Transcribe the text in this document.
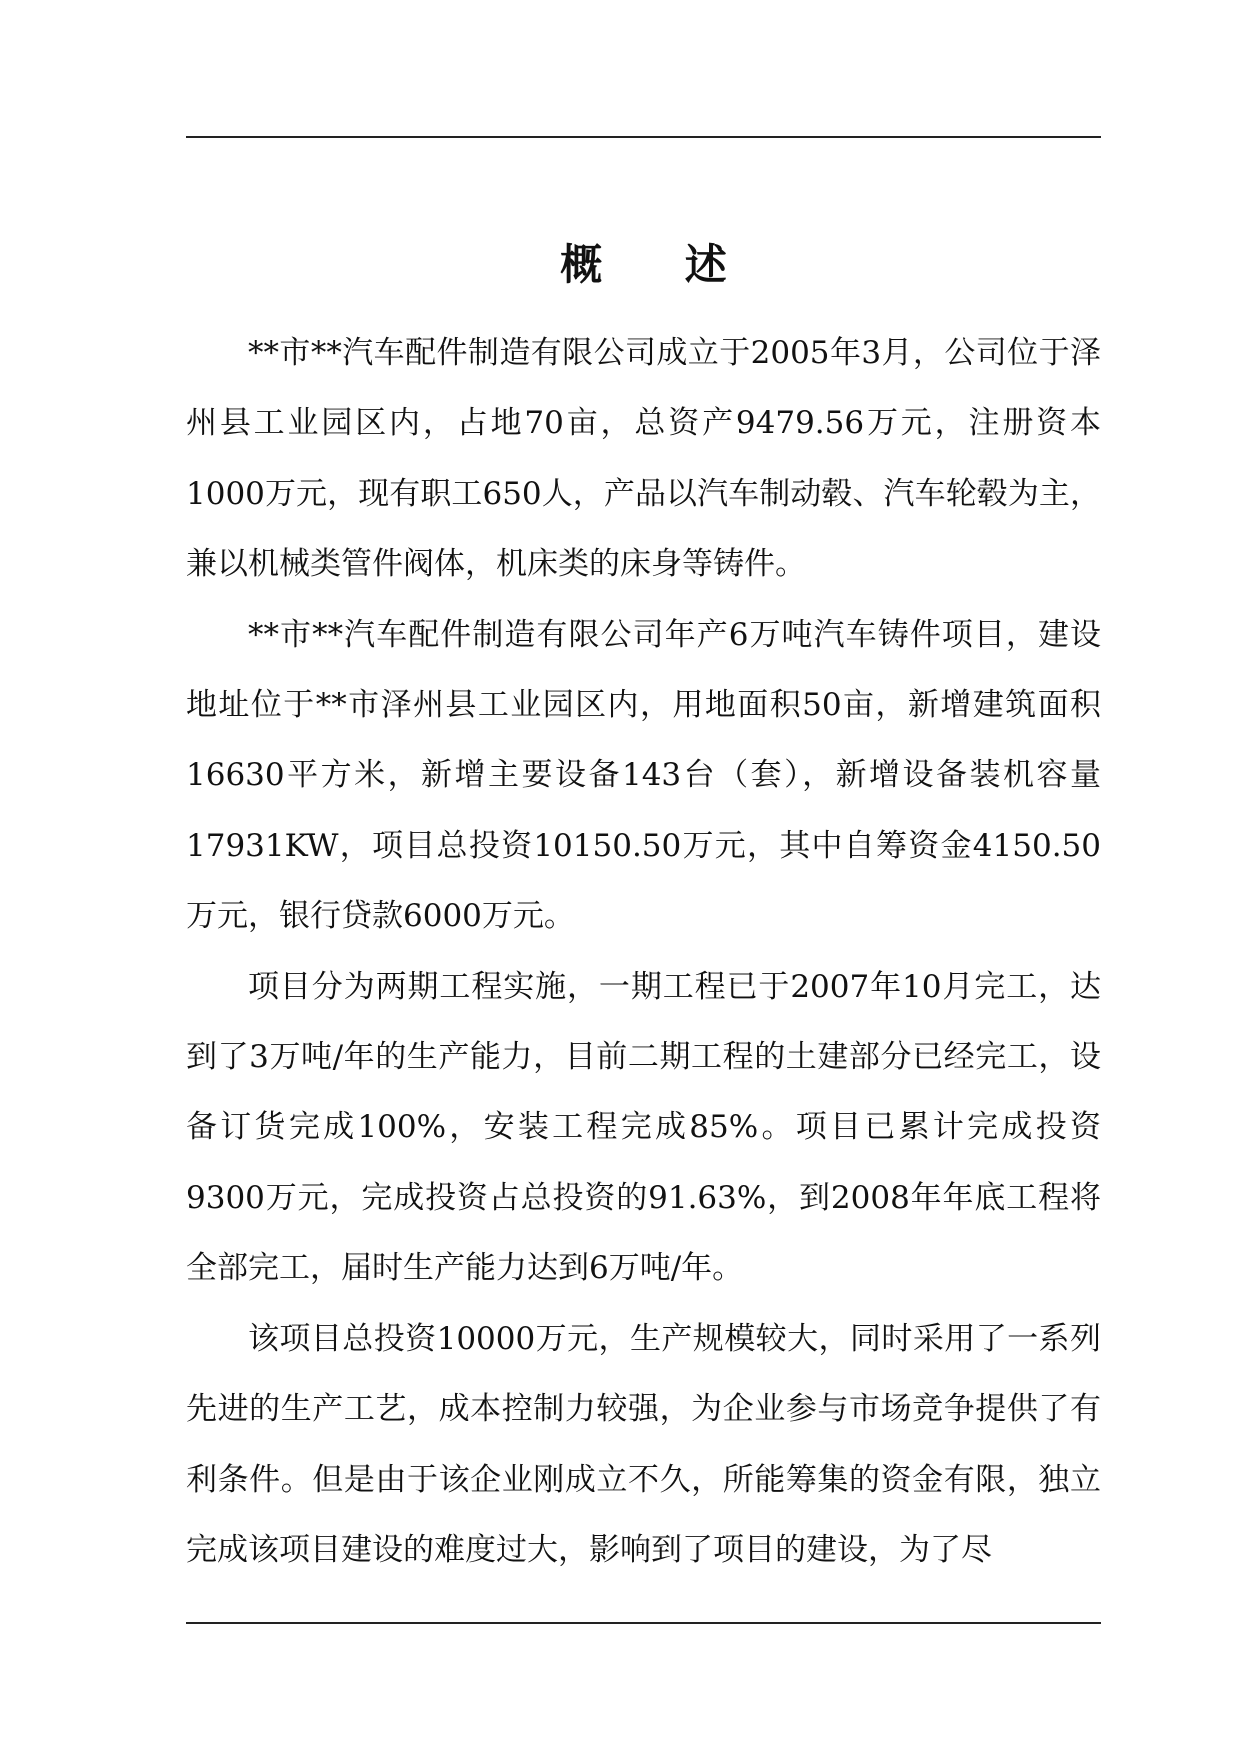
概 述

**市**汽车配件制造有限公司成立于2005年3月，公司位于泽州县工业园区内，占地70亩，总资产9479.56万元，注册资本1000万元，现有职工650人，产品以汽车制动毂、汽车轮毂为主，兼以机械类管件阀体，机床类的床身等铸件。

**市**汽车配件制造有限公司年产6万吨汽车铸件项目，建设地址位于**市泽州县工业园区内，用地面积50亩，新增建筑面积16630平方米，新增主要设备143台（套），新增设备装机容量17931KW，项目总投资10150.50万元，其中自筹资金4150.50万元，银行贷款6000万元。

项目分为两期工程实施，一期工程已于2007年10月完工，达到了3万吨/年的生产能力，目前二期工程的土建部分已经完工，设备订货完成100%，安装工程完成85%。项目已累计完成投资9300万元，完成投资占总投资的91.63%，到2008年年底工程将全部完工，届时生产能力达到6万吨/年。

该项目总投资10000万元，生产规模较大，同时采用了一系列先进的生产工艺，成本控制力较强，为企业参与市场竞争提供了有利条件。但是由于该企业刚成立不久，所能筹集的资金有限，独立完成该项目建设的难度过大，影响到了项目的建设，为了尽
